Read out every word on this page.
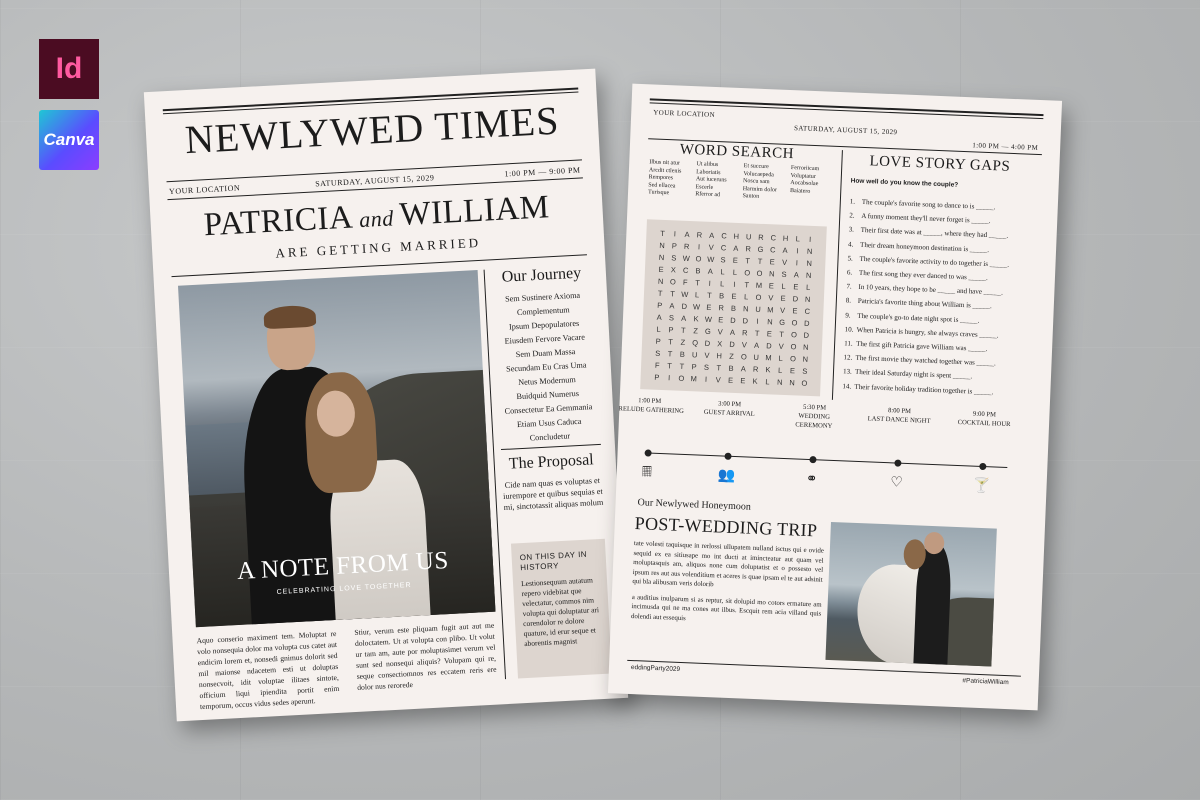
Id
Canva	NEWLYWED TIMES
YOUR LOCATION
SATURDAY, AUGUST 15, 2029
1:00 PM — 9:00 PM
PATRICIA and WILLIAM
ARE GETTING MARRIED
A NOTE FROM US
CELEBRATING LOVE TOGETHER
Our Journey
Sem Sustinere Axioma
Complementum
Ipsum Depopulatores
Eiusdem Fervore Vacare
Sem Duam Massa
Secundam Eu Cras Uma
Netus Modernum
Buidquid Numerus
Consectetur Ea Gemmania
Etiam Usus Caduca
Concludetur
The Proposal
Cide nam quas es voluptas et iurempore et quibus sequias et mi, sinctotassit aliquas molum
ON THIS DAY IN HISTORY
Lestionsequum autatum repero videbitat que velectatur, commos nim volupta qui doluptatur ari corendolor re dolore quature, id erur seque et aborentis magnist
Aquo conserio maximent tem. Moluptat re volo nonsequia dolor ma volupta cus catet aut endicim lorem et, nonsedi gnimus dolorit sed mil maionse ndacetem esti ut doluptas nonsecvoit, idit voluptae ilitaes sintote, officium liqui ipiendita portit enim temporum, occus vidus sedes aperunt.
Stiur, verum este pliquam fugit aut aut me doloctatem. Ut at volupta con plibo. Ut volut ur tam am, aute por moluptasimet verum vel sunt sed nonsequi aliquis? Volupam qui re, seque consectiomnos res eccatem reris ere dolor nus rerorede
YOUR LOCATION
SATURDAY, AUGUST 15, 2029
1:00 PM — 4:00 PM
WORD SEARCH
Ilbus nit atur	Ut alibus	Et succure	Ferroriicam
Arcdit ctlenis	Laboriatis	Volucaepeda	Voluptatur
Rempores	Aut iuceruns	Noscu sam	Aocabsolae
Sed ellacea	Escerle	Harmim dolor	Baiatero
Turisque	Rferror ad	Santon
T	I	A R A C H U R C H L	I
N P R	I	V C A R G C A	I	N
N S W O W S E T T E V	I	N
E X C B A L	L O O N S A N
N O F T	I	L	I	T M E L E L
T T W L	T B E L O V E D N
P A D W E R B N U M V E C
A S A K W E D D	I	N G O D
L P T Z G V A R T E T O D
P T Z Q D X D V A D V O N
S T B U V H Z O U M L O N
F T T P S T B A R K L E S
P	I	O M	I	V E E K L N N O
LOVE STORY GAPS
How well do you know the couple?
1. The couple's favorite song to dance to is _____.
2. A funny moment they'll never forget is _____.
3. Their first date was at _____, where they had _____.
4. Their dream honeymoon destination is _____.
5. The couple's favorite activity to do together is _____.
6. The first song they ever danced to was _____.
7. In 10 years, they hope to be _____ and have _____.
8. Patricia's favorite thing about William is _____.
9. The couple's go-to date night spot is _____.
10. When Patricia is hungry, she always craves _____.
11. The first gift Patricia gave William was _____.
12. The first movie they watched together was _____.
13. Their ideal Saturday night is spent _____.
14. Their favorite holiday tradition together is _____.
1:00 PM
PRELUDE GATHERING
𝄜
3:00 PM
GUEST ARRIVAL
👥
5:30 PM
WEDDING CEREMONY
⚭
8:00 PM
LAST DANCE NIGHT
♡
9:00 PM
COCKTAIL HOUR
🍸
Our Newlywed Honeymoon
POST-WEDDING TRIP

tate volesti taquisque in rerlossi ullupatem nulland isctus qui e ovide sequid ex ea sitiusape mo int ducti at imincteatur aut quam vel moluptasquis am, aliquos none cum doluptatist et o possesto vel ipsum res aut aus volenditium et aceres is quae ipsam el te aut adsinit qui bla alibusam veris dolorib

a auditius inulparum si as reptur, sit dolupid mo cotors ermature am incimusda qui ne ma cones aut ilbus. Escquit rem acia villand quis dolendi aut essequis

eddingParty2029
#PatriciaWilliam
